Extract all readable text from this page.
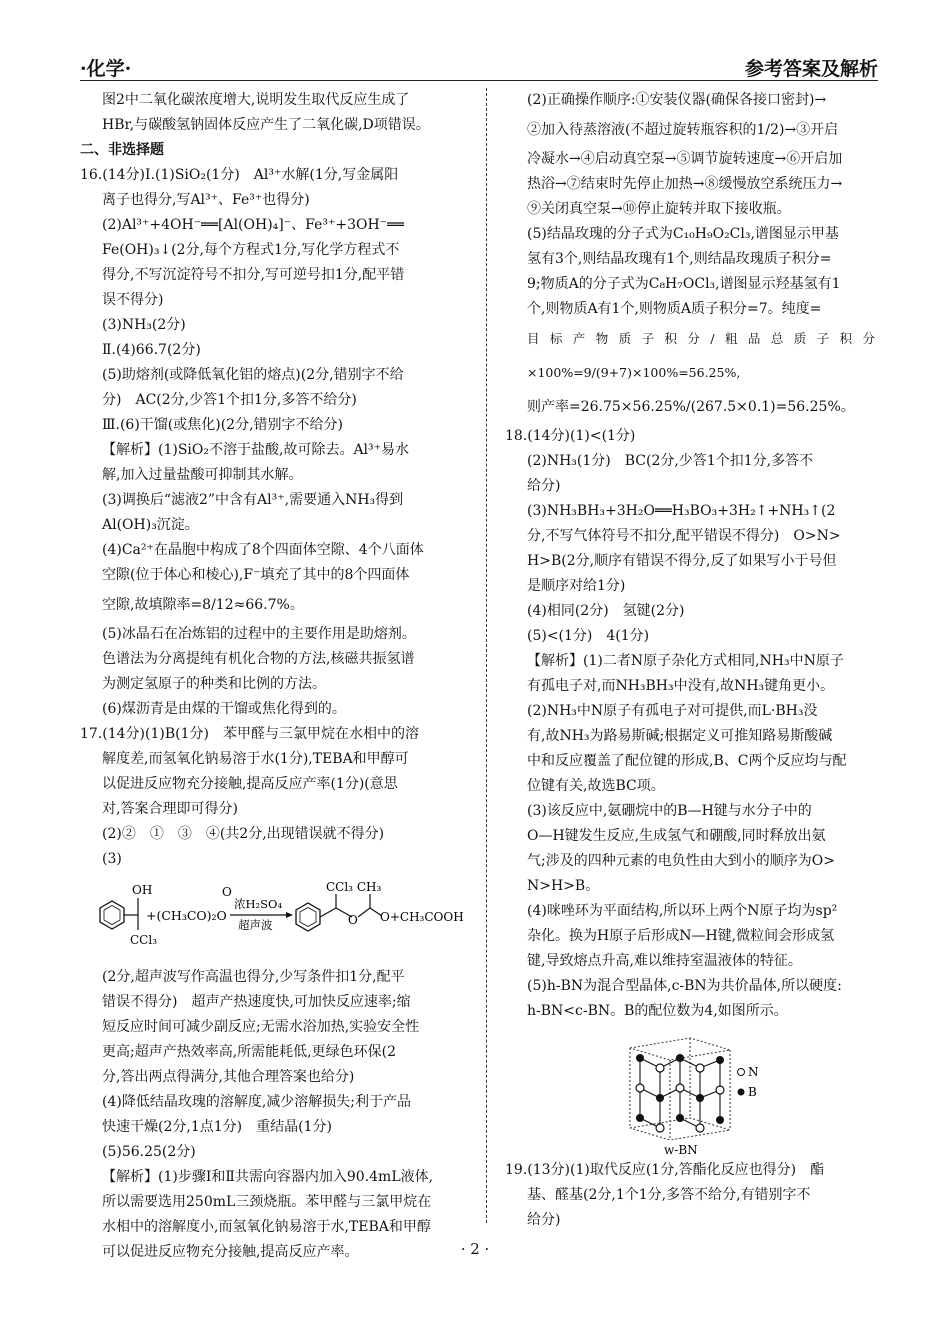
·化学·	参考答案及解析

图2中二氧化碳浓度增大,说明发生取代反应生成了

HBr,与碳酸氢钠固体反应产生了二氧化碳,D项错误。

二、非选择题

16.(14分)Ⅰ.(1)SiO₂(1分)　Al³⁺水解(1分,写金属阳

离子也得分,写Al³⁺、Fe³⁺也得分)

(2)Al³⁺+4OH⁻══[Al(OH)₄]⁻、Fe³⁺+3OH⁻══

Fe(OH)₃↓(2分,每个方程式1分,写化学方程式不

得分,不写沉淀符号不扣分,写可逆号扣1分,配平错

误不得分)

(3)NH₃(2分)

Ⅱ.(4)66.7(2分)

(5)助熔剂(或降低氧化铝的熔点)(2分,错别字不给

分)　AC(2分,少答1个扣1分,多答不给分)

Ⅲ.(6)干馏(或焦化)(2分,错别字不给分)

【解析】(1)SiO₂不溶于盐酸,故可除去。Al³⁺易水

解,加入过量盐酸可抑制其水解。

(3)调换后“滤液2”中含有Al³⁺,需要通入NH₃得到

Al(OH)₃沉淀。

(4)Ca²⁺在晶胞中构成了8个四面体空隙、4个八面体

空隙(位于体心和棱心),F⁻填充了其中的8个四面体

空隙,故填隙率=8/12≈66.7%。

(5)冰晶石在冶炼铝的过程中的主要作用是助熔剂。

色谱法为分离提纯有机化合物的方法,核磁共振氢谱

为测定氢原子的种类和比例的方法。

(6)煤沥青是由煤的干馏或焦化得到的。

17.(14分)(1)B(1分)　苯甲醛与三氯甲烷在水相中的溶

解度差,而氢氧化钠易溶于水(1分),TEBA和甲醇可

以促进反应物充分接触,提高反应产率(1分)(意思

对,答案合理即可得分)

(2)②　①　③　④(共2分,出现错误就不得分)

(3)

OH
CCl₃
+(CH₃CO)₂O
浓H₂SO₄
超声波
O
O
CCl₃ CH₃
O+CH₃COOH

(2分,超声波写作高温也得分,少写条件扣1分,配平

错误不得分)　超声产热速度快,可加快反应速率;缩

短反应时间可减少副反应;无需水浴加热,实验安全性

更高;超声产热效率高,所需能耗低,更绿色环保(2

分,答出两点得满分,其他合理答案也给分)

(4)降低结晶玫瑰的溶解度,减少溶解损失;利于产品

快速干燥(2分,1点1分)　重结晶(1分)

(5)56.25(2分)

【解析】(1)步骤Ⅰ和Ⅱ共需向容器内加入90.4mL液体,

所以需要选用250mL三颈烧瓶。苯甲醛与三氯甲烷在

水相中的溶解度小,而氢氧化钠易溶于水,TEBA和甲醇

可以促进反应物充分接触,提高反应产率。

(2)正确操作顺序:①安装仪器(确保各接口密封)→

②加入待蒸溶液(不超过旋转瓶容积的1/2)→③开启

冷凝水→④启动真空泵→⑤调节旋转速度→⑥开启加

热浴→⑦结束时先停止加热→⑧缓慢放空系统压力→

⑨关闭真空泵→⑩停止旋转并取下接收瓶。

(5)结晶玫瑰的分子式为C₁₀H₉O₂Cl₃,谱图显示甲基

氢有3个,则结晶玫瑰有1个,则结晶玫瑰质子积分=

9;物质A的分子式为C₈H₇OCl₃,谱图显示羟基氢有1

个,则物质A有1个,则物质A质子积分=7。纯度=

目标产物质子积分/粗品总质子积分×100%=9/(9+7)×100%=56.25%,

则产率=26.75×56.25%/(267.5×0.1)=56.25%。

18.(14分)(1)<(1分)

(2)NH₃(1分)　BC(2分,少答1个扣1分,多答不

给分)

(3)NH₃BH₃+3H₂O══H₃BO₃+3H₂↑+NH₃↑(2

分,不写气体符号不扣分,配平错误不得分)　O>N>

H>B(2分,顺序有错误不得分,反了如果写小于号但

是顺序对给1分)

(4)相同(2分)　氢键(2分)

(5)<(1分)　4(1分)

【解析】(1)二者N原子杂化方式相同,NH₃中N原子

有孤电子对,而NH₃BH₃中没有,故NH₃键角更小。

(2)NH₃中N原子有孤电子对可提供,而L·BH₃没

有,故NH₃为路易斯碱;根据定义可推知路易斯酸碱

中和反应覆盖了配位键的形成,B、C两个反应均与配

位键有关,故选BC项。

(3)该反应中,氨硼烷中的B—H键与水分子中的

O—H键发生反应,生成氢气和硼酸,同时释放出氨

气;涉及的四种元素的电负性由大到小的顺序为O>

N>H>B。

(4)咪唑环为平面结构,所以环上两个N原子均为sp²

杂化。换为H原子后形成N—H键,微粒间会形成氢

键,导致熔点升高,难以维持室温液体的特征。

(5)h-BN为混合型晶体,c-BN为共价晶体,所以硬度:

h-BN<c-BN。B的配位数为4,如图所示。

N
B
w-BN

19.(13分)(1)取代反应(1分,答酯化反应也得分)　酯

基、醛基(2分,1个1分,多答不给分,有错别字不

给分)

· 2 ·
